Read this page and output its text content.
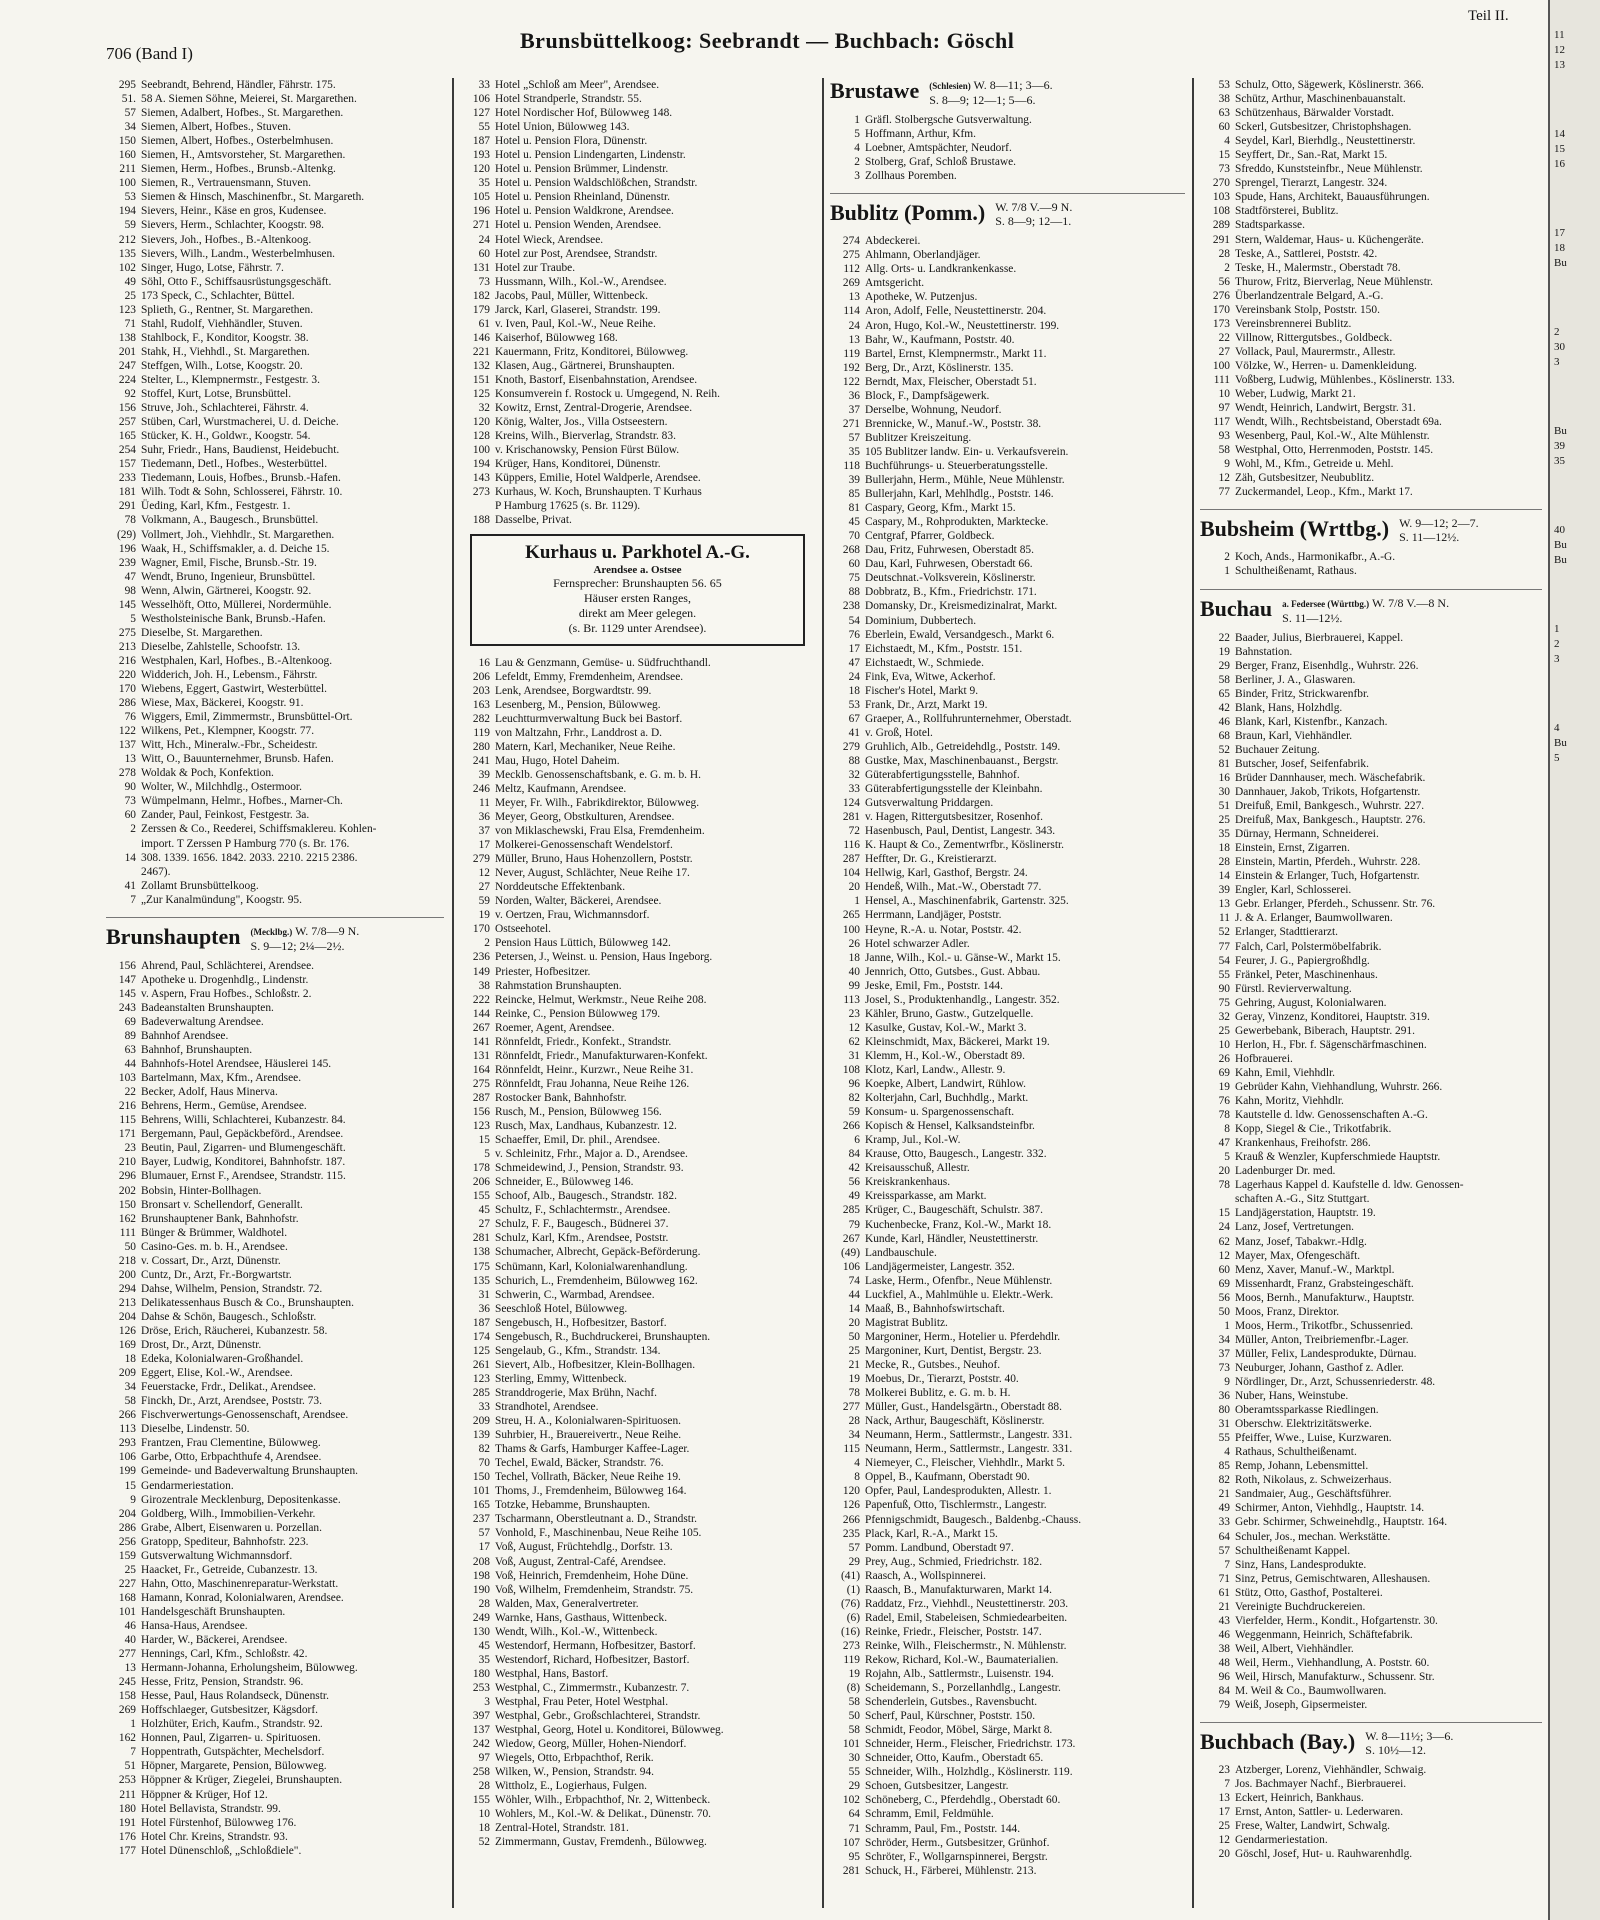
706 (Band I)
Brunsbüttelkoog: Seebrandt — Buchbach: Göschl
Teil II.
295 Seebrandt, Behrend, Händler, Fährstr. 175.
51. 58 A. Siemen Söhne, Meierei, St. Margarethen.
57 Siemen, Adalbert, Hofbes., St. Margarethen.
34 Siemen, Albert, Hofbes., Stuven.
150 Siemen, Albert, Hofbes., Osterbelmhusen.
160 Siemen, H., Amtsvorsteher, St. Margarethen.
211 Siemen, Herm., Hofbes., Brunsb.-Altenkg.
100 Siemen, R., Vertrauensmann, Stuven.
53 Siemen & Hinsch, Maschinenfbr., St. Margareth.
194 Sievers, Heinr., Käse en gros, Kudensee.
59 Sievers, Herm., Schlachter, Koogstr. 98.
212 Sievers, Joh., Hofbes., B.-Altenkoog.
135 Sievers, Wilh., Landm., Westerbelmhusen.
102 Singer, Hugo, Lotse, Fährstr. 7.
49 Söhl, Otto F., Schiffsausrüstungsgeschäft.
25 173 Speck, C., Schlachter, Büttel.
123 Splieth, G., Rentner, St. Margarethen.
71 Stahl, Rudolf, Viehhändler, Stuven.
138 Stahlbock, F., Konditor, Koogstr. 38.
201 Stahk, H., Viehhdl., St. Margarethen.
247 Steffgen, Wilh., Lotse, Koogstr. 20.
224 Stelter, L., Klempnermstr., Festgestr. 3.
92 Stoffel, Kurt, Lotse, Brunsbüttel.
156 Struve, Joh., Schlachterei, Fährstr. 4.
257 Stüben, Carl, Wurstmacherei, U. d. Deiche.
165 Stücker, K. H., Goldwr., Koogstr. 54.
254 Suhr, Friedr., Hans, Baudienst, Heidebucht.
157 Tiedemann, Detl., Hofbes., Westerbüttel.
233 Tiedemann, Louis, Hofbes., Brunsb.-Hafen.
181 Wilh. Todt & Sohn, Schlosserei, Fährstr. 10.
291 Üeding, Karl, Kfm., Festgestr. 1.
78 Volkmann, A., Baugesch., Brunsbüttel.
(29) Vollmert, Joh., Viehhdlr., St. Margarethen.
196 Waak, H., Schiffsmakler, a. d. Deiche 15.
239 Wagner, Emil, Fische, Brunsb.-Str. 19.
47 Wendt, Bruno, Ingenieur, Brunsbüttel.
98 Wenn, Alwin, Gärtnerei, Koogstr. 92.
145 Wesselhöft, Otto, Müllerei, Nordermühle.
5 Westholsteinische Bank, Brunsb.-Hafen.
275 Dieselbe, St. Margarethen.
213 Dieselbe, Zahlstelle, Schoofstr. 13.
216 Westphalen, Karl, Hofbes., B.-Altenkoog.
220 Widderich, Joh. H., Lebensm., Fährstr.
170 Wiebens, Eggert, Gastwirt, Westerbüttel.
286 Wiese, Max, Bäckerei, Koogstr. 91.
76 Wiggers, Emil, Zimmermstr., Brunsbüttel-Ort.
122 Wilkens, Pet., Klempner, Koogstr. 77.
137 Witt, Hch., Mineralw.-Fbr., Scheidestr.
13 Witt, O., Bauunternehmer, Brunsb. Hafen.
278 Woldak & Poch, Konfektion.
90 Wolter, W., Milchhdlg., Ostermoor.
73 Wümpelmann, Helmr., Hofbes., Marner-Ch.
60 Zander, Paul, Feinkost, Festgestr. 3a.
2 Zerssen & Co., Reederei, Schiffsmaklereu. Kohlen-
import. T Zerssen P Hamburg 770 (s. Br. 176.
14 308. 1339. 1656. 1842. 2033. 2210. 2215 2386.
2467).
41 Zollamt Brunsbüttelkoog.
7 „Zur Kanalmündung", Koogstr. 95.
Brunshaupten (Mecklbg.) W. 7/8—9 N.
S. 9—12; 2¼—2½.
156 Ahrend, Paul, Schlächterei, Arendsee.
147 Apotheke u. Drogenhdlg., Lindenstr.
145 v. Aspern, Frau Hofbes., Schloßstr. 2.
243 Badeanstalten Brunshaupten.
69 Badeverwaltung Arendsee.
89 Bahnhof Arendsee.
63 Bahnhof, Brunshaupten.
44 Bahnhofs-Hotel Arendsee, Häuslerei 145.
103 Bartelmann, Max, Kfm., Arendsee.
22 Becker, Adolf, Haus Minerva.
216 Behrens, Herm., Gemüse, Arendsee.
115 Behrens, Willi, Schlachterei, Kubanzestr. 84.
171 Bergemann, Paul, Gepäckbeförd., Arendsee.
23 Beutin, Paul, Zigarren- und Blumengeschäft.
210 Bayer, Ludwig, Konditorei, Bahnhofstr. 187.
296 Blumauer, Ernst F., Arendsee, Strandstr. 115.
202 Bobsin, Hinter-Bollhagen.
150 Bronsart v. Schellendorf, Generallt.
162 Brunshauptener Bank, Bahnhofstr.
111 Bünger & Brümmer, Waldhotel.
50 Casino-Ges. m. b. H., Arendsee.
218 v. Cossart, Dr., Arzt, Dünenstr.
200 Cuntz, Dr., Arzt, Fr.-Borgwartstr.
294 Dahse, Wilhelm, Pension, Strandstr. 72.
213 Delikatessenhaus Busch & Co., Brunshaupten.
204 Dahse & Schön, Baugesch., Schloßstr.
126 Dröse, Erich, Räucherei, Kubanzestr. 58.
169 Drost, Dr., Arzt, Dünenstr.
18 Edeka, Kolonialwaren-Großhandel.
209 Eggert, Elise, Kol.-W., Arendsee.
34 Feuerstacke, Frdr., Delikat., Arendsee.
58 Finckh, Dr., Arzt, Arendsee, Poststr. 73.
266 Fischverwertungs-Genossenschaft, Arendsee.
113 Dieselbe, Lindenstr. 50.
293 Frantzen, Frau Clementine, Bülowweg.
106 Garbe, Otto, Erbpachthufe 4, Arendsee.
199 Gemeinde- und Badeverwaltung Brunshaupten.
15 Gendarmeriestation.
9 Girozentrale Mecklenburg, Depositenkasse.
204 Goldberg, Wilh., Immobilien-Verkehr.
286 Grabe, Albert, Eisenwaren u. Porzellan.
256 Gratopp, Spediteur, Bahnhofstr. 223.
159 Gutsverwaltung Wichmannsdorf.
25 Haacket, Fr., Getreide, Cubanzestr. 13.
227 Hahn, Otto, Maschinenreparatur-Werkstatt.
168 Hamann, Konrad, Kolonialwaren, Arendsee.
101 Handelsgeschäft Brunshaupten.
46 Hansa-Haus, Arendsee.
40 Harder, W., Bäckerei, Arendsee.
277 Hennings, Carl, Kfm., Schloßstr. 42.
13 Hermann-Johanna, Erholungsheim, Bülowweg.
245 Hesse, Fritz, Pension, Strandstr. 96.
158 Hesse, Paul, Haus Rolandseck, Dünenstr.
269 Hoffschlaeger, Gutsbesitzer, Kägsdorf.
1 Holzhüter, Erich, Kaufm., Strandstr. 92.
162 Honnen, Paul, Zigarren- u. Spirituosen.
7 Hoppentrath, Gutspächter, Mechelsdorf.
51 Höpner, Margarete, Pension, Bülowweg.
253 Höppner & Krüger, Ziegelei, Brunshaupten.
211 Höppner & Krüger, Hof 12.
180 Hotel Bellavista, Strandstr. 99.
191 Hotel Fürstenhof, Bülowweg 176.
176 Hotel Chr. Kreins, Strandstr. 93.
177 Hotel Dünenschloß, „Schloßdiele".
33 Hotel „Schloß am Meer", Arendsee.
106 Hotel Strandperle, Strandstr. 55.
127 Hotel Nordischer Hof, Bülowweg 148.
55 Hotel Union, Bülowweg 143.
187 Hotel u. Pension Flora, Dünenstr.
193 Hotel u. Pension Lindengarten, Lindenstr.
120 Hotel u. Pension Brümmer, Lindenstr.
35 Hotel u. Pension Waldschlößchen, Strandstr.
105 Hotel u. Pension Rheinland, Dünenstr.
196 Hotel u. Pension Waldkrone, Arendsee.
271 Hotel u. Pension Wenden, Arendsee.
24 Hotel Wieck, Arendsee.
60 Hotel zur Post, Arendsee, Strandstr.
131 Hotel zur Traube.
73 Hussmann, Wilh., Kol.-W., Arendsee.
182 Jacobs, Paul, Müller, Wittenbeck.
179 Jarck, Karl, Glaserei, Strandstr. 199.
61 v. Iven, Paul, Kol.-W., Neue Reihe.
146 Kaiserhof, Bülowweg 168.
221 Kauermann, Fritz, Konditorei, Bülowweg.
132 Klasen, Aug., Gärtnerei, Brunshaupten.
151 Knoth, Bastorf, Eisenbahnstation, Arendsee.
125 Konsumverein f. Rostock u. Umgegend, N. Reih.
32 Kowitz, Ernst, Zentral-Drogerie, Arendsee.
120 König, Walter, Jos., Villa Ostseestern.
128 Kreins, Wilh., Bierverlag, Strandstr. 83.
100 v. Krischanowsky, Pension Fürst Bülow.
194 Krüger, Hans, Konditorei, Dünenstr.
143 Küppers, Emilie, Hotel Waldperle, Arendsee.
273 Kurhaus, W. Koch, Brunshaupten. T Kurhaus
P Hamburg 17625 (s. Br. 1129).
188 Dasselbe, Privat.
Kurhaus u. Parkhotel A.-G.
Arendsee a. Ostsee
Fernsprecher: Brunshaupten 56. 65
Häuser ersten Ranges,
direkt am Meer gelegen.
(s. Br. 1129 unter Arendsee).
16 Lau & Genzmann, Gemüse- u. Südfruchthandl.
206 Lefeldt, Emmy, Fremdenheim, Arendsee.
203 Lenk, Arendsee, Borgwardtstr. 99.
163 Lesenberg, M., Pension, Bülowweg.
282 Leuchtturmverwaltung Buck bei Bastorf.
119 von Maltzahn, Frhr., Landdrost a. D.
280 Matern, Karl, Mechaniker, Neue Reihe.
241 Mau, Hugo, Hotel Daheim.
39 Mecklb. Genossenschaftsbank, e. G. m. b. H.
246 Meltz, Kaufmann, Arendsee.
11 Meyer, Fr. Wilh., Fabrikdirektor, Bülowweg.
36 Meyer, Georg, Obstkulturen, Arendsee.
37 von Miklaschewski, Frau Elsa, Fremdenheim.
17 Molkerei-Genossenschaft Wendelstorf.
279 Müller, Bruno, Haus Hohenzollern, Poststr.
12 Never, August, Schlächter, Neue Reihe 17.
27 Norddeutsche Effektenbank.
59 Norden, Walter, Bäckerei, Arendsee.
19 v. Oertzen, Frau, Wichmannsdorf.
170 Ostseehotel.
2 Pension Haus Lüttich, Bülowweg 142.
236 Petersen, J., Weinst. u. Pension, Haus Ingeborg.
149 Priester, Hofbesitzer.
38 Rahmstation Brunshaupten.
222 Reincke, Helmut, Werkmstr., Neue Reihe 208.
144 Reinke, C., Pension Bülowweg 179.
267 Roemer, Agent, Arendsee.
141 Rönnfeldt, Friedr., Konfekt., Strandstr.
131 Rönnfeldt, Friedr., Manufakturwaren-Konfekt.
164 Rönnfeldt, Heinr., Kurzwr., Neue Reihe 31.
275 Rönnfeldt, Frau Johanna, Neue Reihe 126.
287 Rostocker Bank, Bahnhofstr.
156 Rusch, M., Pension, Bülowweg 156.
123 Rusch, Max, Landhaus, Kubanzestr. 12.
15 Schaeffer, Emil, Dr. phil., Arendsee.
5 v. Schleinitz, Frhr., Major a. D., Arendsee.
178 Schmeidewind, J., Pension, Strandstr. 93.
206 Schneider, E., Bülowweg 146.
155 Schoof, Alb., Baugesch., Strandstr. 182.
45 Schultz, F., Schlachtermstr., Arendsee.
27 Schulz, F. F., Baugesch., Büdnerei 37.
281 Schulz, Karl, Kfm., Arendsee, Poststr.
138 Schumacher, Albrecht, Gepäck-Beförderung.
175 Schümann, Karl, Kolonialwarenhandlung.
135 Schurich, L., Fremdenheim, Bülowweg 162.
31 Schwerin, C., Warmbad, Arendsee.
36 Seeschloß Hotel, Bülowweg.
187 Sengebusch, H., Hofbesitzer, Bastorf.
174 Sengebusch, R., Buchdruckerei, Brunshaupten.
125 Sengelaub, G., Kfm., Strandstr. 134.
261 Sievert, Alb., Hofbesitzer, Klein-Bollhagen.
123 Sterling, Emmy, Wittenbeck.
285 Stranddrogerie, Max Brühn, Nachf.
33 Strandhotel, Arendsee.
209 Streu, H. A., Kolonialwaren-Spirituosen.
139 Suhrbier, H., Brauereivertr., Neue Reihe.
82 Thams & Garfs, Hamburger Kaffee-Lager.
70 Techel, Ewald, Bäcker, Strandstr. 76.
150 Techel, Vollrath, Bäcker, Neue Reihe 19.
101 Thoms, J., Fremdenheim, Bülowweg 164.
165 Totzke, Hebamme, Brunshaupten.
237 Tscharmann, Oberstleutnant a. D., Strandstr.
57 Vonhold, F., Maschinenbau, Neue Reihe 105.
17 Voß, August, Früchtehdlg., Dorfstr. 13.
208 Voß, August, Zentral-Café, Arendsee.
198 Voß, Heinrich, Fremdenheim, Hohe Düne.
190 Voß, Wilhelm, Fremdenheim, Strandstr. 75.
28 Walden, Max, Generalvertreter.
249 Warnke, Hans, Gasthaus, Wittenbeck.
130 Wendt, Wilh., Kol.-W., Wittenbeck.
45 Westendorf, Hermann, Hofbesitzer, Bastorf.
35 Westendorf, Richard, Hofbesitzer, Bastorf.
180 Westphal, Hans, Bastorf.
253 Westphal, C., Zimmermstr., Kubanzestr. 7.
3 Westphal, Frau Peter, Hotel Westphal.
397 Westphal, Gebr., Großschlachterei, Strandstr.
137 Westphal, Georg, Hotel u. Konditorei, Bülowweg.
242 Wiedow, Georg, Müller, Hohen-Niendorf.
97 Wiegels, Otto, Erbpachthof, Rerik.
258 Wilken, W., Pension, Strandstr. 94.
28 Wittholz, E., Logierhaus, Fulgen.
155 Wöhler, Wilh., Erbpachthof, Nr. 2, Wittenbeck.
10 Wohlers, M., Kol.-W. & Delikat., Dünenstr. 70.
18 Zentral-Hotel, Strandstr. 181.
52 Zimmermann, Gustav, Fremdenh., Bülowweg.
Brustawe (Schlesien) W. 8—11; 3—6.
S. 8—9; 12—1; 5—6.
1 Gräfl. Stolbergsche Gutsverwaltung.
5 Hoffmann, Arthur, Kfm.
4 Loebner, Amtspächter, Neudorf.
2 Stolberg, Graf, Schloß Brustawe.
3 Zollhaus Poremben.
Bublitz (Pomm.) W. 7/8 V.—9 N.
S. 8—9; 12—1.
274 Abdeckerei.
275 Ahlmann, Oberlandjäger.
112 Allg. Orts- u. Landkrankenkasse.
269 Amtsgericht.
13 Apotheke, W. Putzenjus.
114 Aron, Adolf, Felle, Neustettinerstr. 204.
24 Aron, Hugo, Kol.-W., Neustettinerstr. 199.
13 Bahr, W., Kaufmann, Poststr. 40.
119 Bartel, Ernst, Klempnermstr., Markt 11.
192 Berg, Dr., Arzt, Köslinerstr. 135.
122 Berndt, Max, Fleischer, Oberstadt 51.
36 Block, F., Dampfsägewerk.
37 Derselbe, Wohnung, Neudorf.
271 Brennicke, W., Manuf.-W., Poststr. 38.
57 Bublitzer Kreiszeitung.
35 105 Bublitzer landw. Ein- u. Verkaufsverein.
118 Buchführungs- u. Steuerberatungsstelle.
39 Bullerjahn, Herm., Mühle, Neue Mühlenstr.
85 Bullerjahn, Karl, Mehlhdlg., Poststr. 146.
81 Caspary, Georg, Kfm., Markt 15.
45 Caspary, M., Rohprodukten, Marktecke.
70 Centgraf, Pfarrer, Goldbeck.
268 Dau, Fritz, Fuhrwesen, Oberstadt 85.
60 Dau, Karl, Fuhrwesen, Oberstadt 66.
75 Deutschnat.-Volksverein, Köslinerstr.
88 Dobbratz, B., Kfm., Friedrichstr. 171.
238 Domansky, Dr., Kreismedizinalrat, Markt.
54 Dominium, Dubbertech.
76 Eberlein, Ewald, Versandgesch., Markt 6.
17 Eichstaedt, M., Kfm., Poststr. 151.
47 Eichstaedt, W., Schmiede.
24 Fink, Eva, Witwe, Ackerhof.
18 Fischer's Hotel, Markt 9.
53 Frank, Dr., Arzt, Markt 19.
67 Graeper, A., Rollfuhrunternehmer, Oberstadt.
41 v. Groß, Hotel.
279 Gruhlich, Alb., Getreidehdlg., Poststr. 149.
88 Gustke, Max, Maschinenbauanst., Bergstr.
32 Güterabfertigungsstelle, Bahnhof.
33 Güterabfertigungsstelle der Kleinbahn.
124 Gutsverwaltung Priddargen.
281 v. Hagen, Rittergutsbesitzer, Rosenhof.
72 Hasenbusch, Paul, Dentist, Langestr. 343.
116 K. Haupt & Co., Zementwrfbr., Köslinerstr.
287 Heffter, Dr. G., Kreistierarzt.
104 Hellwig, Karl, Gasthof, Bergstr. 24.
20 Hendeß, Wilh., Mat.-W., Oberstadt 77.
1 Hensel, A., Maschinenfabrik, Gartenstr. 325.
265 Herrmann, Landjäger, Poststr.
100 Heyne, R.-A. u. Notar, Poststr. 42.
26 Hotel schwarzer Adler.
18 Janne, Wilh., Kol.- u. Gänse-W., Markt 15.
40 Jennrich, Otto, Gutsbes., Gust. Abbau.
99 Jeske, Emil, Fm., Poststr. 144.
113 Josel, S., Produktenhandlg., Langestr. 352.
23 Kähler, Bruno, Gastw., Gutzelquelle.
12 Kasulke, Gustav, Kol.-W., Markt 3.
62 Kleinschmidt, Max, Bäckerei, Markt 19.
31 Klemm, H., Kol.-W., Oberstadt 89.
108 Klotz, Karl, Landw., Allestr. 9.
96 Koepke, Albert, Landwirt, Rühlow.
82 Kolterjahn, Carl, Buchhdlg., Markt.
59 Konsum- u. Spargenossenschaft.
266 Kopisch & Hensel, Kalksandsteinfbr.
6 Kramp, Jul., Kol.-W.
84 Krause, Otto, Baugesch., Langestr. 332.
42 Kreisausschuß, Allestr.
56 Kreiskrankenhaus.
49 Kreissparkasse, am Markt.
285 Krüger, C., Baugeschäft, Schulstr. 387.
79 Kuchenbecke, Franz, Kol.-W., Markt 18.
267 Kunde, Karl, Händler, Neustettinerstr.
(49) Landbauschule.
106 Landjägermeister, Langestr. 352.
74 Laske, Herm., Ofenfbr., Neue Mühlenstr.
44 Luckfiel, A., Mahlmühle u. Elektr.-Werk.
14 Maaß, B., Bahnhofswirtschaft.
20 Magistrat Bublitz.
50 Margoniner, Herm., Hotelier u. Pferdehdlr.
25 Margoniner, Kurt, Dentist, Bergstr. 23.
21 Mecke, R., Gutsbes., Neuhof.
19 Moebus, Dr., Tierarzt, Poststr. 40.
78 Molkerei Bublitz, e. G. m. b. H.
277 Müller, Gust., Handelsgärtn., Oberstadt 88.
28 Nack, Arthur, Baugeschäft, Köslinerstr.
34 Neumann, Herm., Sattlermstr., Langestr. 331.
115 Neumann, Herm., Sattlermstr., Langestr. 331.
4 Niemeyer, C., Fleischer, Viehhdlr., Markt 5.
8 Oppel, B., Kaufmann, Oberstadt 90.
120 Opfer, Paul, Landesprodukten, Allestr. 1.
126 Papenfuß, Otto, Tischlermstr., Langestr.
266 Pfennigschmidt, Baugesch., Baldenbg.-Chauss.
235 Plack, Karl, R.-A., Markt 15.
57 Pomm. Landbund, Oberstadt 97.
29 Prey, Aug., Schmied, Friedrichstr. 182.
(41) Raasch, A., Wollspinnerei.
(1) Raasch, B., Manufakturwaren, Markt 14.
(76) Raddatz, Frz., Viehhdl., Neustettinerstr. 203.
(6) Radel, Emil, Stabeleisen, Schmiedearbeiten.
(16) Reinke, Friedr., Fleischer, Poststr. 147.
273 Reinke, Wilh., Fleischermstr., N. Mühlenstr.
119 Rekow, Richard, Kol.-W., Baumaterialien.
19 Rojahn, Alb., Sattlermstr., Luisenstr. 194.
(8) Scheidemann, S., Porzellanhdlg., Langestr.
58 Schenderlein, Gutsbes., Ravensbucht.
50 Scherf, Paul, Kürschner, Poststr. 150.
58 Schmidt, Feodor, Möbel, Särge, Markt 8.
101 Schneider, Herm., Fleischer, Friedrichstr. 173.
30 Schneider, Otto, Kaufm., Oberstadt 65.
55 Schneider, Wilh., Holzhdlg., Köslinerstr. 119.
29 Schoen, Gutsbesitzer, Langestr.
102 Schöneberg, C., Pferdehdlg., Oberstadt 60.
64 Schramm, Emil, Feldmühle.
71 Schramm, Paul, Fm., Poststr. 144.
107 Schröder, Herm., Gutsbesitzer, Grünhof.
95 Schröter, F., Wollgarnspinnerei, Bergstr.
281 Schuck, H., Färberei, Mühlenstr. 213.
53 Schulz, Otto, Sägewerk, Köslinerstr. 366.
38 Schütz, Arthur, Maschinenbauanstalt.
63 Schützenhaus, Bärwalder Vorstadt.
60 Sckerl, Gutsbesitzer, Christophshagen.
4 Seydel, Karl, Bierhdlg., Neustettinerstr.
15 Seyffert, Dr., San.-Rat, Markt 15.
73 Sfreddo, Kunststeinfbr., Neue Mühlenstr.
270 Sprengel, Tierarzt, Langestr. 324.
103 Spude, Hans, Architekt, Bauausführungen.
108 Stadtförsterei, Bublitz.
289 Stadtsparkasse.
291 Stern, Waldemar, Haus- u. Küchengeräte.
28 Teske, A., Sattlerei, Poststr. 42.
2 Teske, H., Malermstr., Oberstadt 78.
56 Thurow, Fritz, Bierverlag, Neue Mühlenstr.
276 Überlandzentrale Belgard, A.-G.
170 Vereinsbank Stolp, Poststr. 150.
173 Vereinsbrennerei Bublitz.
22 Villnow, Rittergutsbes., Goldbeck.
27 Vollack, Paul, Maurermstr., Allestr.
100 Völzke, W., Herren- u. Damenkleidung.
111 Voßberg, Ludwig, Mühlenbes., Köslinerstr. 133.
10 Weber, Ludwig, Markt 21.
97 Wendt, Heinrich, Landwirt, Bergstr. 31.
117 Wendt, Wilh., Rechtsbeistand, Oberstadt 69a.
93 Wesenberg, Paul, Kol.-W., Alte Mühlenstr.
58 Westphal, Otto, Herrenmoden, Poststr. 145.
9 Wohl, M., Kfm., Getreide u. Mehl.
12 Zäh, Gutsbesitzer, Neubublitz.
77 Zuckermandel, Leop., Kfm., Markt 17.
Bubsheim (Wrttbg.) W. 9—12; 2—7.
S. 11—12½.
2 Koch, Ands., Harmonikafbr., A.-G.
1 Schultheißenamt, Rathaus.
Buchau a. Federsee (Württbg.) W. 7/8 V.—8 N.
S. 11—12½.
22 Baader, Julius, Bierbrauerei, Kappel.
19 Bahnstation.
29 Berger, Franz, Eisenhdlg., Wuhrstr. 226.
58 Berliner, J. A., Glaswaren.
65 Binder, Fritz, Strickwarenfbr.
42 Blank, Hans, Holzhdlg.
46 Blank, Karl, Kistenfbr., Kanzach.
68 Braun, Karl, Viehhändler.
52 Buchauer Zeitung.
81 Butscher, Josef, Seifenfabrik.
16 Brüder Dannhauser, mech. Wäschefabrik.
30 Dannhauer, Jakob, Trikots, Hofgartenstr.
51 Dreifuß, Emil, Bankgesch., Wuhrstr. 227.
25 Dreifuß, Max, Bankgesch., Hauptstr. 276.
35 Dürnay, Hermann, Schneiderei.
18 Einstein, Ernst, Zigarren.
28 Einstein, Martin, Pferdeh., Wuhrstr. 228.
14 Einstein & Erlanger, Tuch, Hofgartenstr.
39 Engler, Karl, Schlosserei.
13 Gebr. Erlanger, Pferdeh., Schussenr. Str. 76.
11 J. & A. Erlanger, Baumwollwaren.
52 Erlanger, Stadttierarzt.
77 Falch, Carl, Polstermöbelfabrik.
54 Feurer, J. G., Papiergroßhdlg.
55 Fränkel, Peter, Maschinenhaus.
90 Fürstl. Revierverwaltung.
75 Gehring, August, Kolonialwaren.
32 Geray, Vinzenz, Konditorei, Hauptstr. 319.
25 Gewerbebank, Biberach, Hauptstr. 291.
10 Herlon, H., Fbr. f. Sägenschärfmaschinen.
26 Hofbrauerei.
69 Kahn, Emil, Viehhdlr.
19 Gebrüder Kahn, Viehhandlung, Wuhrstr. 266.
76 Kahn, Moritz, Viehhdlr.
78 Kautstelle d. ldw. Genossenschaften A.-G.
8 Kopp, Siegel & Cie., Trikotfabrik.
47 Krankenhaus, Freihofstr. 286.
5 Krauß & Wenzler, Kupferschmiede Hauptstr.
20 Ladenburger Dr. med.
78 Lagerhaus Kappel d. Kaufstelle d. ldw. Genossen-
schaften A.-G., Sitz Stuttgart.
15 Landjägerstation, Hauptstr. 19.
24 Lanz, Josef, Vertretungen.
62 Manz, Josef, Tabakwr.-Hdlg.
12 Mayer, Max, Ofengeschäft.
60 Menz, Xaver, Manuf.-W., Marktpl.
69 Missenhardt, Franz, Grabsteingeschäft.
56 Moos, Bernh., Manufakturw., Hauptstr.
50 Moos, Franz, Direktor.
1 Moos, Herm., Trikotfbr., Schussenried.
34 Müller, Anton, Treibriemenfbr.-Lager.
37 Müller, Felix, Landesprodukte, Dürnau.
73 Neuburger, Johann, Gasthof z. Adler.
9 Nördlinger, Dr., Arzt, Schussenriederstr. 48.
36 Nuber, Hans, Weinstube.
80 Oberamtssparkasse Riedlingen.
31 Oberschw. Elektrizitätswerke.
55 Pfeiffer, Wwe., Luise, Kurzwaren.
4 Rathaus, Schultheißenamt.
85 Remp, Johann, Lebensmittel.
82 Roth, Nikolaus, z. Schweizerhaus.
21 Sandmaier, Aug., Geschäftsführer.
49 Schirmer, Anton, Viehhdlg., Hauptstr. 14.
33 Gebr. Schirmer, Schweinehdlg., Hauptstr. 164.
64 Schuler, Jos., mechan. Werkstätte.
57 Schultheißenamt Kappel.
7 Sinz, Hans, Landesprodukte.
71 Sinz, Petrus, Gemischtwaren, Alleshausen.
61 Stütz, Otto, Gasthof, Postalterei.
21 Vereinigte Buchdruckereien.
43 Vierfelder, Herm., Kondit., Hofgartenstr. 30.
46 Weggenmann, Heinrich, Schäftefabrik.
38 Weil, Albert, Viehhändler.
48 Weil, Herm., Viehhandlung, A. Poststr. 60.
96 Weil, Hirsch, Manufakturw., Schussenr. Str.
84 M. Weil & Co., Baumwollwaren.
79 Weiß, Joseph, Gipsermeister.
Buchbach (Bay.) W. 8—11½; 3—6.
S. 10½—12.
23 Atzberger, Lorenz, Viehhändler, Schwaig.
7 Jos. Bachmayer Nachf., Bierbrauerei.
13 Eckert, Heinrich, Bankhaus.
17 Ernst, Anton, Sattler- u. Lederwaren.
25 Frese, Walter, Landwirt, Schwalg.
12 Gendarmeriestation.
20 Göschl, Josef, Hut- u. Rauhwarenhdlg.
11
12
13
14
15
16
17
18
Bu
2
30
3
Bu
39
35
40
Bu
Bu
1
2
3
4
Bu
5
